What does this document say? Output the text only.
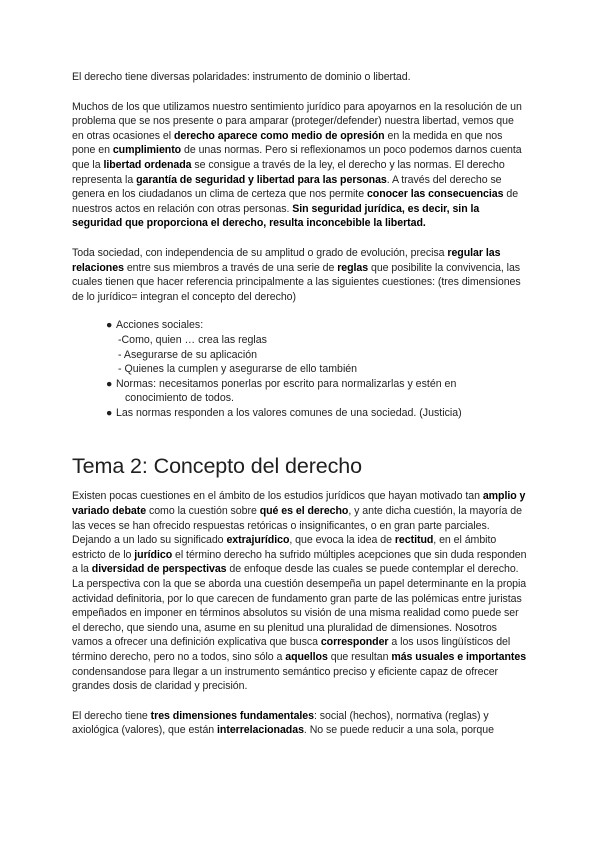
El derecho tiene diversas polaridades: instrumento de dominio o libertad.

Muchos de los que utilizamos nuestro sentimiento jurídico para apoyarnos en la resolución de un problema que se nos presente o para amparar (proteger/defender) nuestra libertad, vemos que en otras ocasiones el derecho aparece como medio de opresión en la medida en que nos pone en cumplimiento de unas normas. Pero si reflexionamos un poco podemos darnos cuenta que la libertad ordenada se consigue a través de la ley, el derecho y las normas. El derecho representa la garantía de seguridad y libertad para las personas. A través del derecho se genera en los ciudadanos un clima de certeza que nos permite conocer las consecuencias de nuestros actos en relación con otras personas. Sin seguridad jurídica, es decir, sin la seguridad que proporciona el derecho, resulta inconcebible la libertad.

Toda sociedad, con independencia de su amplitud o grado de evolución, precisa regular las relaciones entre sus miembros a través de una serie de reglas que posibilite la convivencia, las cuales tienen que hacer referencia principalmente a las siguientes cuestiones: (tres dimensiones de lo jurídico= integran el concepto del derecho)

● Acciones sociales:
-Como, quien … crea las reglas
- Asegurarse de su aplicación
- Quienes la cumplen y asegurarse de ello también
● Normas: necesitamos ponerlas por escrito para normalizarlas y estén en
conocimiento de todos.
● Las normas responden a los valores comunes de una sociedad. (Justicia)
Tema 2: Concepto del derecho

Existen pocas cuestiones en el ámbito de los estudios jurídicos que hayan motivado tan amplio y variado debate como la cuestión sobre qué es el derecho, y ante dicha cuestión, la mayoría de las veces se han ofrecido respuestas retóricas o insignificantes, o en gran parte parciales. Dejando a un lado su significado extrajurídico, que evoca la idea de rectitud, en el ámbito estricto de lo jurídico el término derecho ha sufrido múltiples acepciones que sin duda responden a la diversidad de perspectivas de enfoque desde las cuales se puede contemplar el derecho. La perspectiva con la que se aborda una cuestión desempeña un papel determinante en la propia actividad definitoria, por lo que carecen de fundamento gran parte de las polémicas entre juristas empeñados en imponer en términos absolutos su visión de una misma realidad como puede ser el derecho, que siendo una, asume en su plenitud una pluralidad de dimensiones. Nosotros vamos a ofrecer una definición explicativa que busca corresponder a los usos lingüísticos del término derecho, pero no a todos, sino sólo a aquellos que resultan más usuales e importantes condensandose para llegar a un instrumento semántico preciso y eficiente capaz de ofrecer grandes dosis de claridad y precisión.

El derecho tiene tres dimensiones fundamentales: social (hechos), normativa (reglas) y axiológica (valores), que están interrelacionadas. No se puede reducir a una sola, porque
